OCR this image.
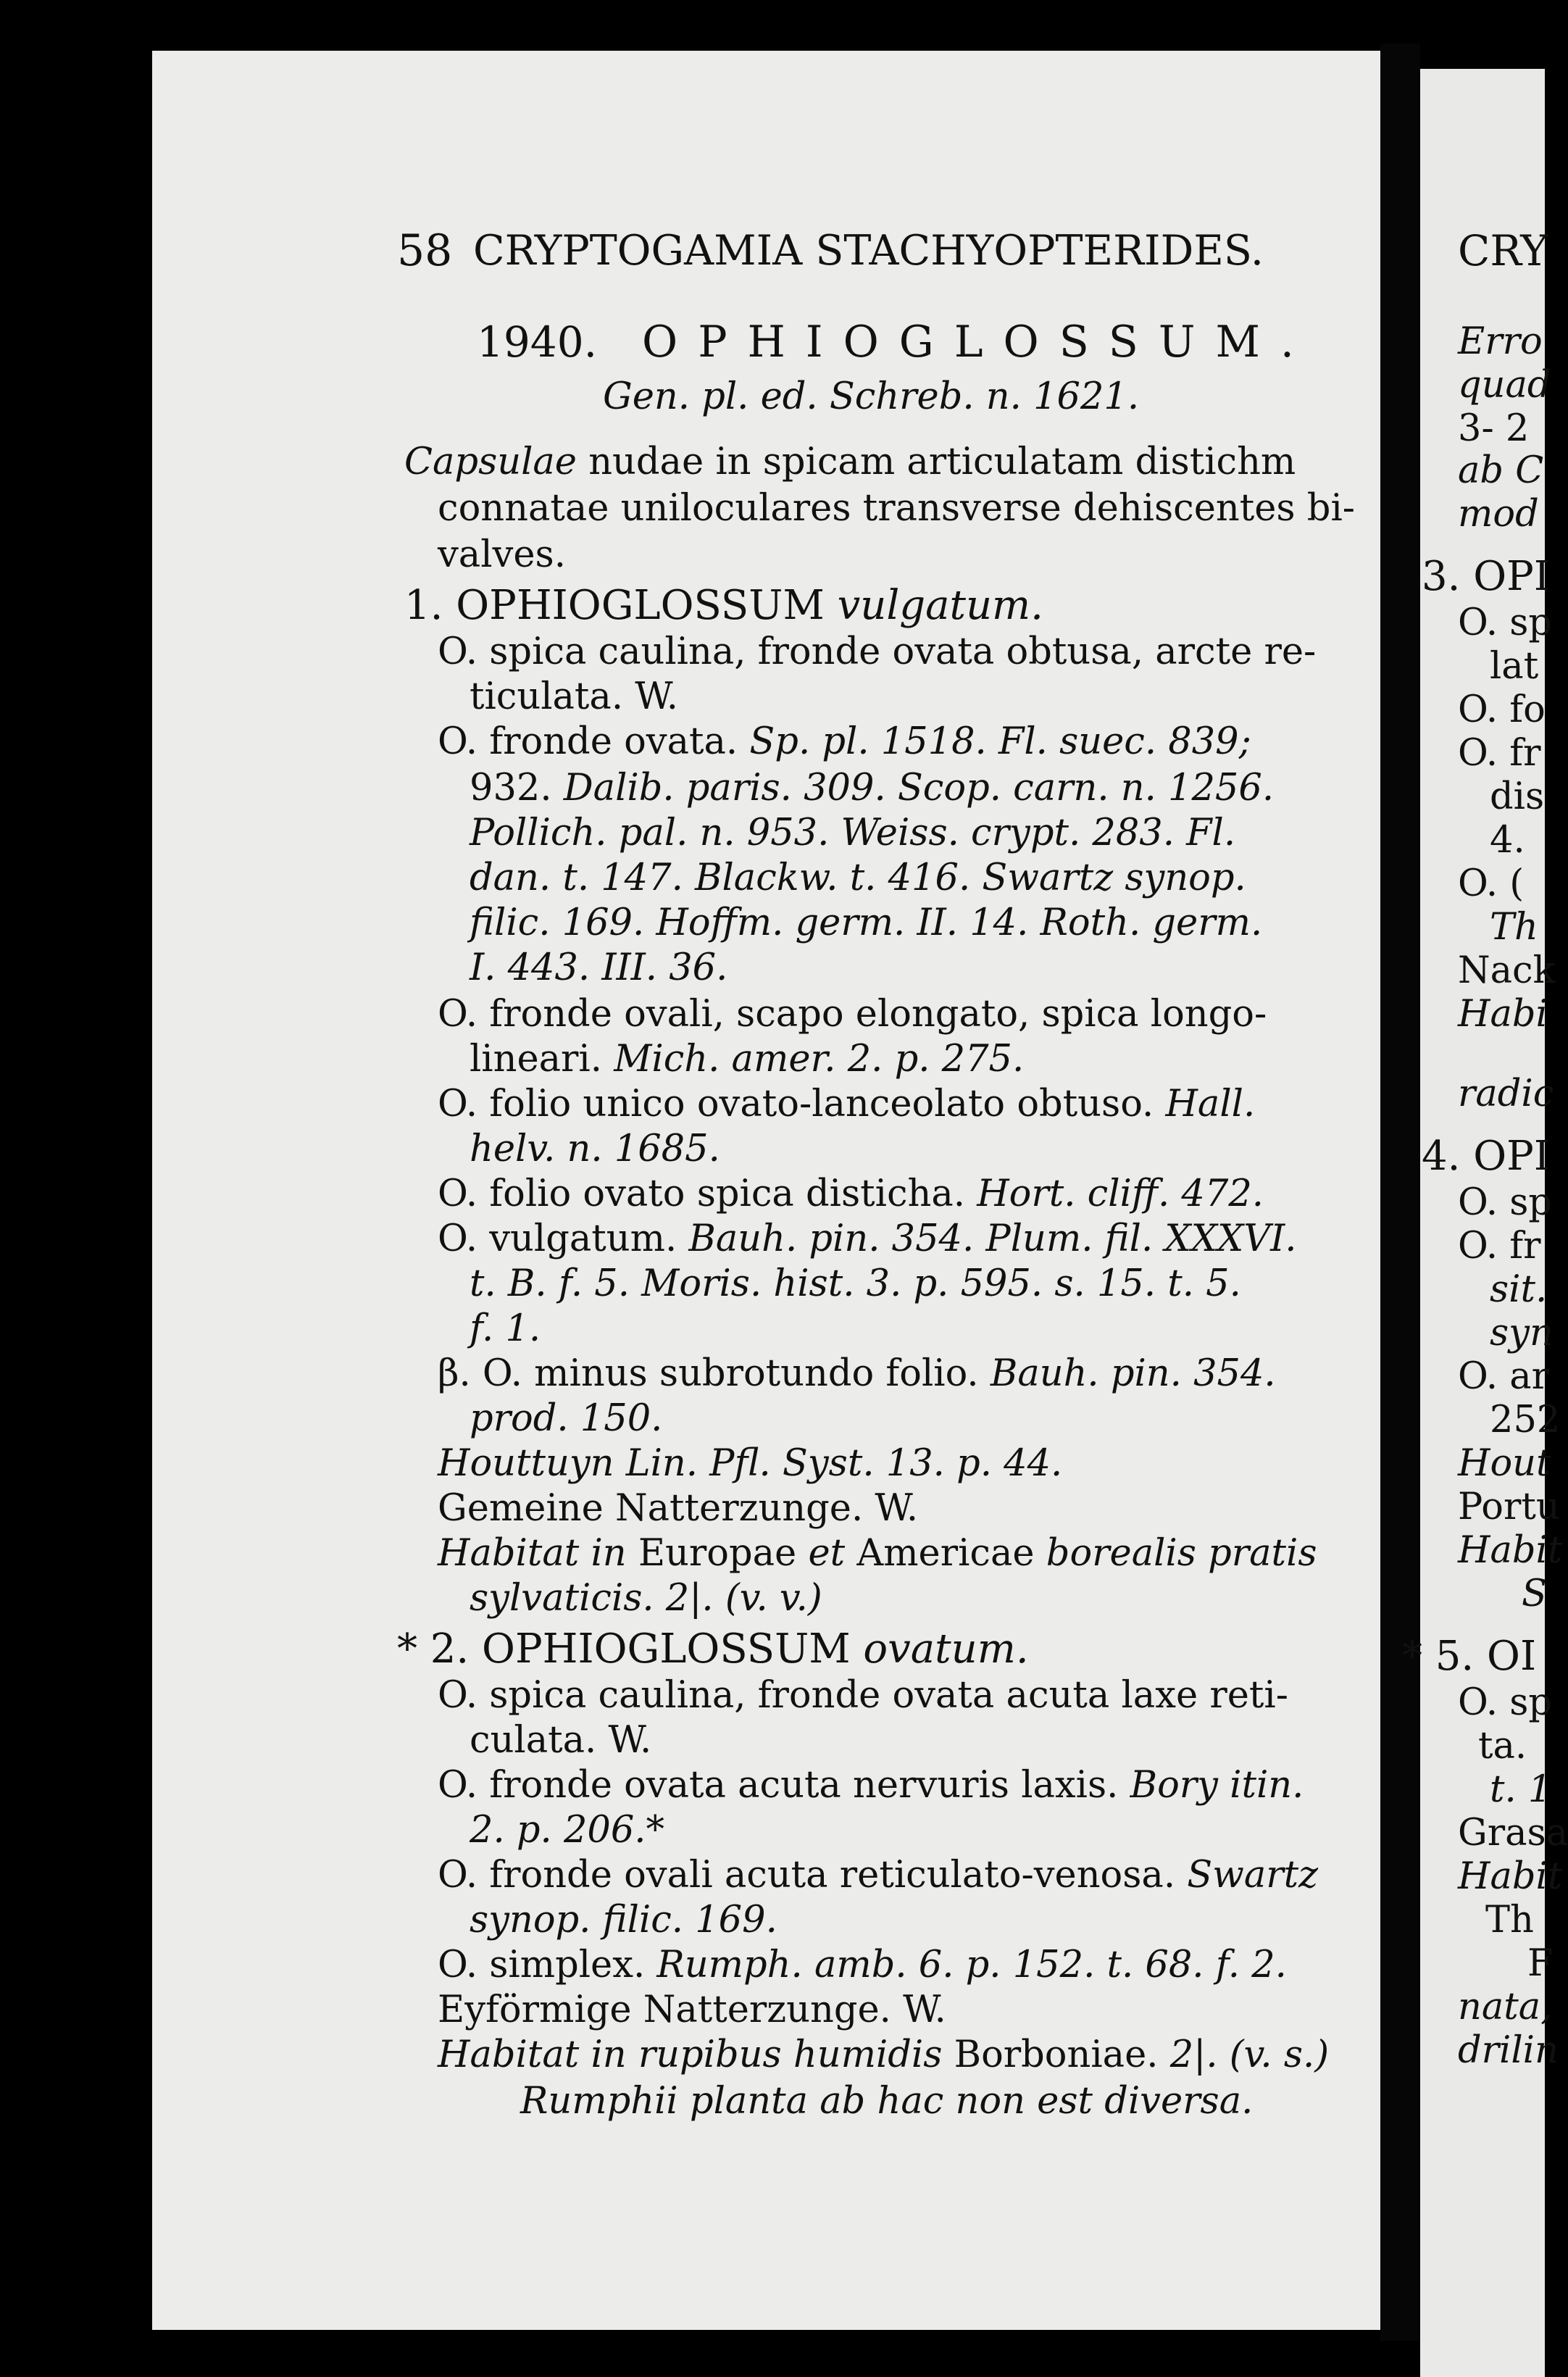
58 CRYPTOGAMIA STACHYOPTERIDES.
1940. OPHIOGLOSSUM.
Gen. pl. ed. Schreb. n. 1621.
Capsulae nudae in spicam articulatam distichm
connatae uniloculares transverse dehiscentes bi-
valves.
1. OPHIOGLOSSUM vulgatum.
O. spica caulina, fronde ovata obtusa, arcte re-
ticulata. W.
O. fronde ovata. Sp. pl. 1518. Fl. suec. 839;
932. Dalib. paris. 309. Scop. carn. n. 1256.
Pollich. pal. n. 953. Weiss. crypt. 283. Fl.
dan. t. 147. Blackw. t. 416. Swartz synop.
filic. 169. Hoffm. germ. II. 14. Roth. germ.
I. 443. III. 36.
O. fronde ovali, scapo elongato, spica longo-
lineari. Mich. amer. 2. p. 275.
O. folio unico ovato-lanceolato obtuso. Hall.
helv. n. 1685.
O. folio ovato spica disticha. Hort. cliff. 472.
O. vulgatum. Bauh. pin. 354. Plum. fil. XXXVI.
t. B. f. 5. Moris. hist. 3. p. 595. s. 15. t. 5.
f. 1.
β. O. minus subrotundo folio. Bauh. pin. 354.
prod. 150.
Houttuyn Lin. Pfl. Syst. 13. p. 44.
Gemeine Natterzunge. W.
Habitat in Europae et Americae borealis pratis
sylvaticis. 2|. (v. v.)
* 2. OPHIOGLOSSUM ovatum.
O. spica caulina, fronde ovata acuta laxe reti-
culata. W.
O. fronde ovata acuta nervuris laxis. Bory itin.
2. p. 206.*
O. fronde ovali acuta reticulato-venosa. Swartz
synop. filic. 169.
O. simplex. Rumph. amb. 6. p. 152. t. 68. f. 2.
Eyförmige Natterzunge. W.
Habitat in rupibus humidis Borboniae. 2|. (v. s.)
Rumphii planta ab hac non est diversa.
CRY
Erro
quad
3- 2
ab C
mod
3. OPI
O. sp
lat
O. fo
O. fr
dis
4.
O. (
Th
Nack
Habi
radic
4. OPI
O. sp
O. fr
sit.
syn
O. ar
252
Hout
Portu
Habit
S
* 5. OI
O. sp
ta.
t. 1
Grasa
Habit
Th
F
nata,
drilin
